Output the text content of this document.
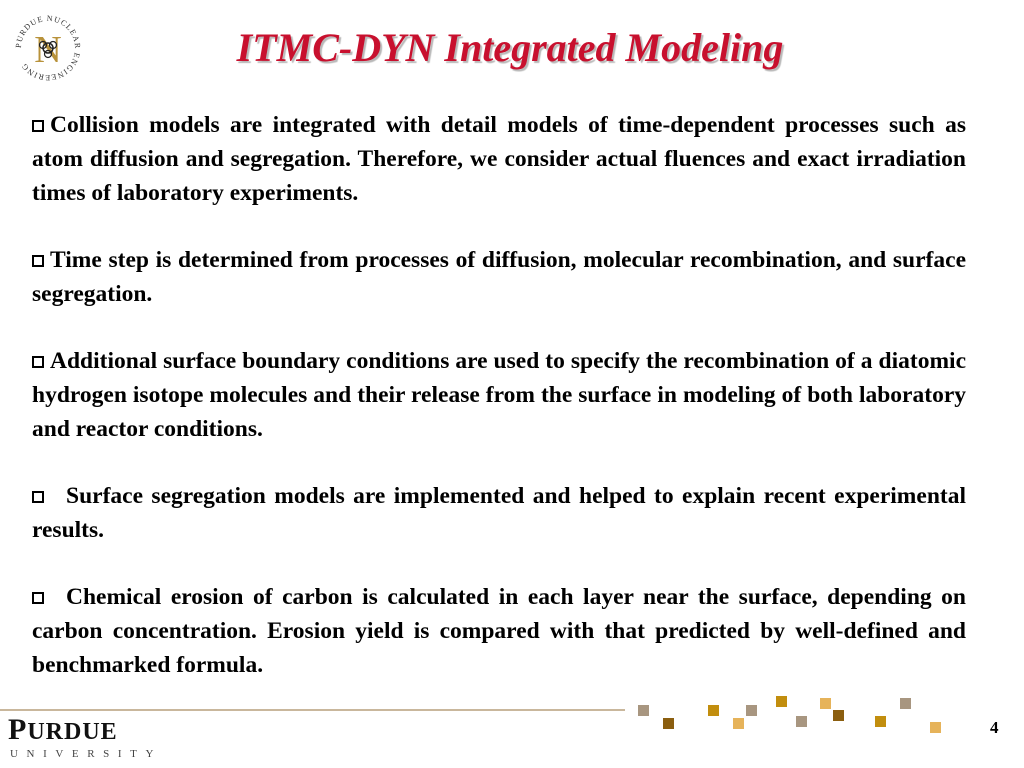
PURDUE NUCLEAR ENGINEERING N	ITMC-DYN Integrated Modeling

Collision models are integrated with detail models of time-dependent processes such as atom diffusion and segregation. Therefore, we consider actual fluences and exact irradiation times of laboratory experiments.

Time step is determined from processes of diffusion, molecular recombination, and surface segregation.

Additional surface boundary conditions are used to specify the recombination of a diatomic hydrogen isotope molecules and their release from the surface in modeling of both laboratory and reactor conditions.

Surface segregation models are implemented and helped to explain recent experimental results.

Chemical erosion of carbon is calculated in each layer near the surface, depending on carbon concentration. Erosion yield is compared with that predicted by well-defined and benchmarked formula.

PURDUE
UNIVERSITY
4
